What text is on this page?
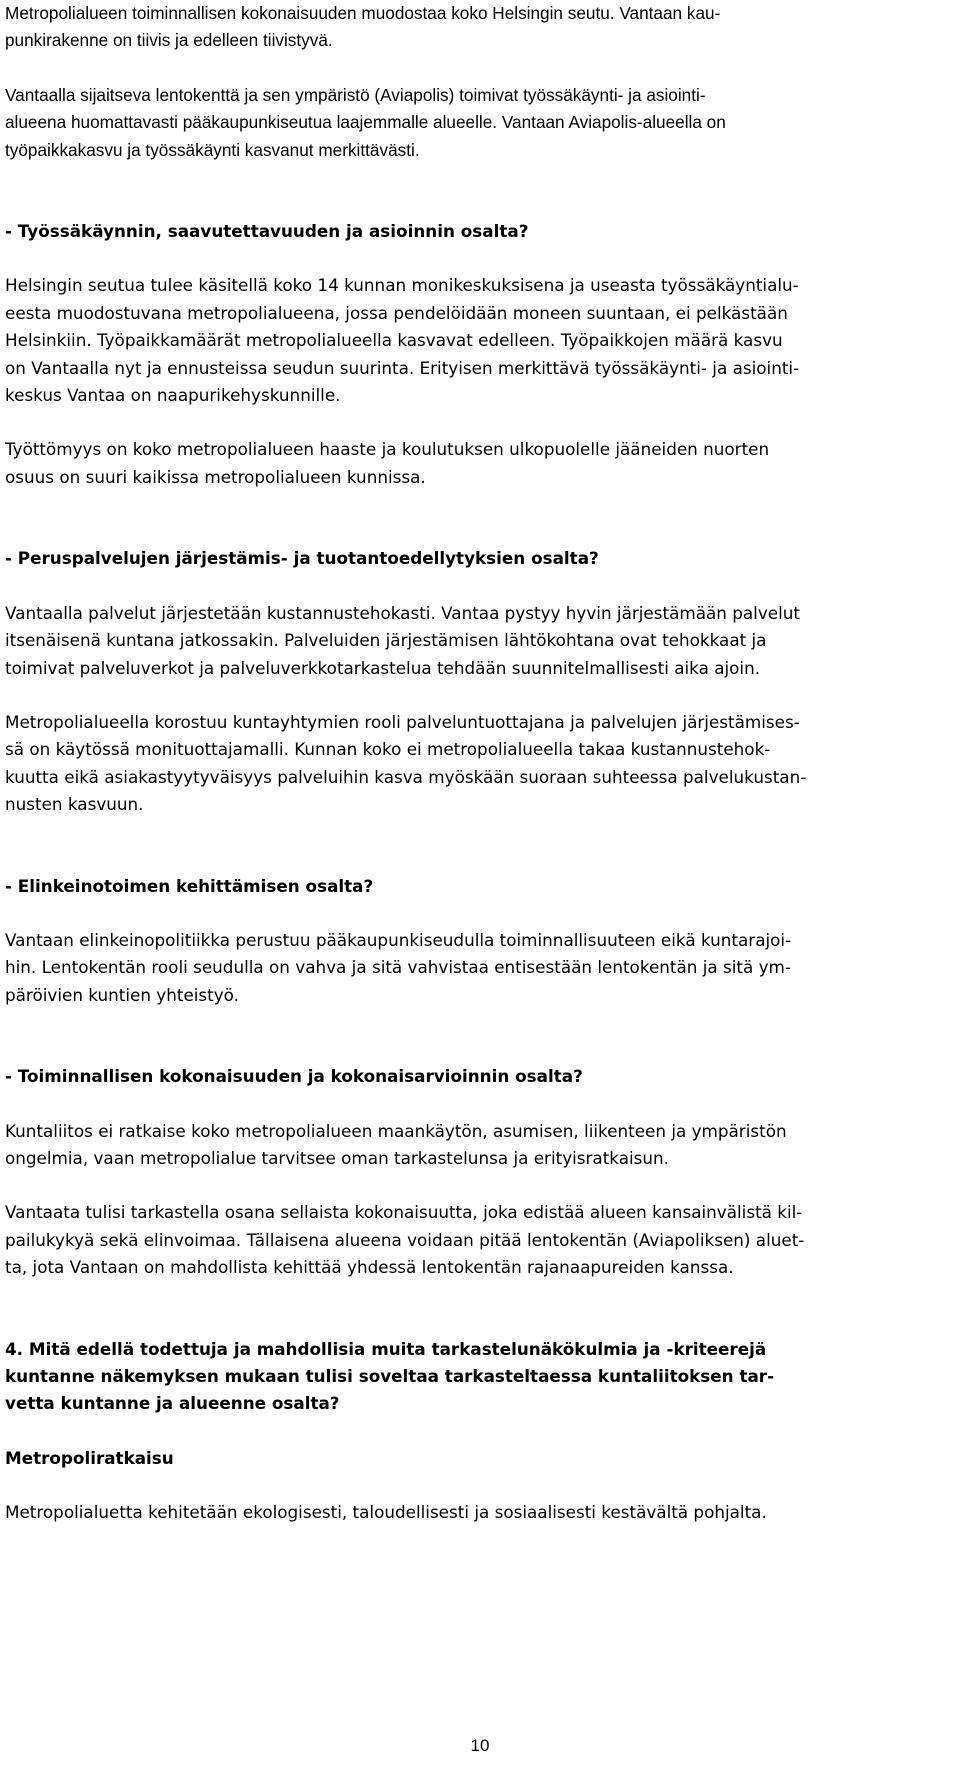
Metropolialueen toiminnallisen kokonaisuuden muodostaa koko Helsingin seutu. Vantaan kau-
punkirakenne on tiivis ja edelleen tiivistyvä.

Vantaalla sijaitseva lentokenttä ja sen ympäristö (Aviapolis) toimivat työssäkäynti- ja asiointi-
alueena huomattavasti pääkaupunkiseutua laajemmalle alueelle. Vantaan Aviapolis-alueella on
työpaikkakasvu ja työssäkäynti kasvanut merkittävästi.

- Työssäkäynnin, saavutettavuuden ja asioinnin osalta?

Helsingin seutua tulee käsitellä koko 14 kunnan monikeskuksisena ja useasta työssäkäyntialu-
eesta muodostuvana metropolialueena, jossa pendelöidään moneen suuntaan, ei pelkästään
Helsinkiin. Työpaikkamäärät metropolialueella kasvavat edelleen. Työpaikkojen määrä kasvu
on Vantaalla nyt ja ennusteissa seudun suurinta. Erityisen merkittävä työssäkäynti- ja asiointi-
keskus Vantaa on naapurikehyskunnille.

Työttömyys on koko metropolialueen haaste ja koulutuksen ulkopuolelle jääneiden nuorten
osuus on suuri kaikissa metropolialueen kunnissa.

- Peruspalvelujen järjestämis- ja tuotantoedellytyksien osalta?

Vantaalla palvelut järjestetään kustannustehokasti. Vantaa pystyy hyvin järjestämään palvelut
itsenäisenä kuntana jatkossakin. Palveluiden järjestämisen lähtökohtana ovat tehokkaat ja
toimivat palveluverkot ja palveluverkkotarkastelua tehdään suunnitelmallisesti aika ajoin.

Metropolialueella korostuu kuntayhtymien rooli palveluntuottajana ja palvelujen järjestämises-
sä on käytössä monituottajamalli. Kunnan koko ei metropolialueella takaa kustannustehok-
kuutta eikä asiakastyytyväisyys palveluihin kasva myöskään suoraan suhteessa palvelukustan-
nusten kasvuun.

- Elinkeinotoimen kehittämisen osalta?

Vantaan elinkeinopolitiikka perustuu pääkaupunkiseudulla toiminnallisuuteen eikä kuntarajoi-
hin. Lentokentän rooli seudulla on vahva ja sitä vahvistaa entisestään lentokentän ja sitä ym-
päröivien kuntien yhteistyö.

- Toiminnallisen kokonaisuuden ja kokonaisarvioinnin osalta?

Kuntaliitos ei ratkaise koko metropolialueen maankäytön, asumisen, liikenteen ja ympäristön
ongelmia, vaan metropolialue tarvitsee oman tarkastelunsa ja erityisratkaisun.

Vantaata tulisi tarkastella osana sellaista kokonaisuutta, joka edistää alueen kansainvälistä kil-
pailukykyä sekä elinvoimaa. Tällaisena alueena voidaan pitää lentokentän (Aviapoliksen) aluet-
ta, jota Vantaan on mahdollista kehittää yhdessä lentokentän rajanaapureiden kanssa.

4. Mitä edellä todettuja ja mahdollisia muita tarkastelunäkökulmia ja -kriteerejä
kuntanne näkemyksen mukaan tulisi soveltaa tarkasteltaessa kuntaliitoksen tar-
vetta kuntanne ja alueenne osalta?

Metropoliratkaisu

Metropolialuetta kehitetään ekologisesti, taloudellisesti ja sosiaalisesti kestävältä pohjalta.

10
